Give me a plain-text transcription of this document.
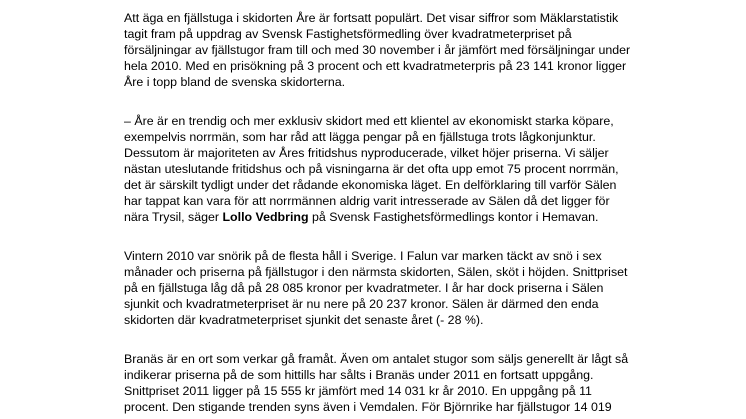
Att äga en fjällstuga i skidorten Åre är fortsatt populärt. Det visar siffror som Mäklarstatistik
tagit fram på uppdrag av Svensk Fastighetsförmedling över kvadratmeterpriset på
försäljningar av fjällstugor fram till och med 30 november i år jämfört med försäljningar under
hela 2010. Med en prisökning på 3 procent och ett kvadratmeterpris på 23 141 kronor ligger
Åre i topp bland de svenska skidorterna.

– Åre är en trendig och mer exklusiv skidort med ett klientel av ekonomiskt starka köpare,
exempelvis norrmän, som har råd att lägga pengar på en fjällstuga trots lågkonjunktur.
Dessutom är majoriteten av Åres fritidshus nyproducerade, vilket höjer priserna. Vi säljer
nästan uteslutande fritidshus och på visningarna är det ofta upp emot 75 procent norrmän,
det är särskilt tydligt under det rådande ekonomiska läget. En delförklaring till varför Sälen
har tappat kan vara för att norrmännen aldrig varit intresserade av Sälen då det ligger för
nära Trysil, säger Lollo Vedbring på Svensk Fastighetsförmedlings kontor i Hemavan.

Vintern 2010 var snörik på de flesta håll i Sverige. I Falun var marken täckt av snö i sex
månader och priserna på fjällstugor i den närmsta skidorten, Sälen, sköt i höjden. Snittpriset
på en fjällstuga låg då på 28 085 kronor per kvadratmeter. I år har dock priserna i Sälen
sjunkit och kvadratmeterpriset är nu nere på 20 237 kronor. Sälen är därmed den enda
skidorten där kvadratmeterpriset sjunkit det senaste året (- 28 %).

Branäs är en ort som verkar gå framåt. Även om antalet stugor som säljs generellt är lågt så
indikerar priserna på de som hittills har sålts i Branäs under 2011 en fortsatt uppgång.
Snittpriset 2011 ligger på 15 555 kr jämfört med 14 031 kr år 2010. En uppgång på 11
procent. Den stigande trenden syns även i Vemdalen. För Björnrike har fjällstugor 14 019
